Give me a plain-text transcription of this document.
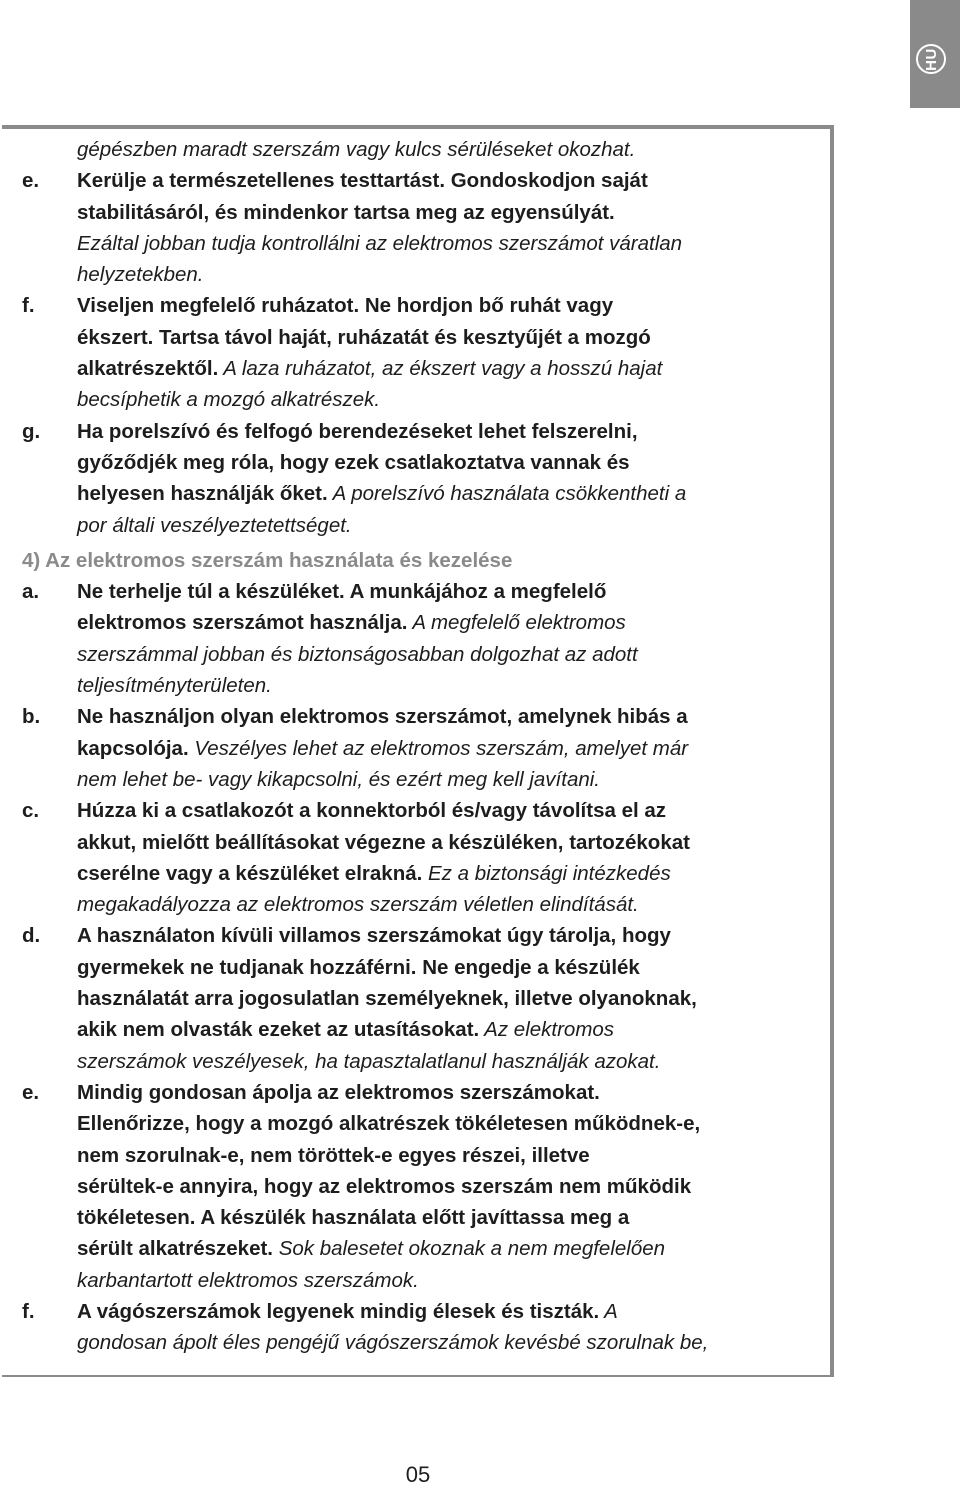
HU
gépészben maradt szerszám vagy kulcs sérüléseket okozhat.
e. Kerülje a természetellenes testtartást. Gondoskodjon saját
stabilitásáról, és mindenkor tartsa meg az egyensúlyát.
Ezáltal jobban tudja kontrollálni az elektromos szerszámot váratlan
helyzetekben.
f. Viseljen megfelelő ruházatot. Ne hordjon bő ruhát vagy
ékszert. Tartsa távol haját, ruházatát és kesztyűjét a mozgó
alkatrészektől. A laza ruházatot, az ékszert vagy a hosszú hajat
becsíphetik a mozgó alkatrészek.
g. Ha porelszívó és felfogó berendezéseket lehet felszerelni,
győződjék meg róla, hogy ezek csatlakoztatva vannak és
helyesen használják őket. A porelszívó használata csökkentheti a
por általi veszélyeztetettséget.
4) Az elektromos szerszám használata és kezelése
a. Ne terhelje túl a készüléket. A munkájához a megfelelő
elektromos szerszámot használja. A megfelelő elektromos
szerszámmal jobban és biztonságosabban dolgozhat az adott
teljesítményterületen.
b. Ne használjon olyan elektromos szerszámot, amelynek hibás a
kapcsolója. Veszélyes lehet az elektromos szerszám, amelyet már
nem lehet be- vagy kikapcsolni, és ezért meg kell javítani.
c. Húzza ki a csatlakozót a konnektorból és/vagy távolítsa el az
akkut, mielőtt beállításokat végezne a készüléken, tartozékokat
cserélne vagy a készüléket elrakná. Ez a biztonsági intézkedés
megakadályozza az elektromos szerszám véletlen elindítását.
d. A használaton kívüli villamos szerszámokat úgy tárolja, hogy
gyermekek ne tudjanak hozzáférni. Ne engedje a készülék
használatát arra jogosulatlan személyeknek, illetve olyanoknak,
akik nem olvasták ezeket az utasításokat. Az elektromos
szerszámok veszélyesek, ha tapasztalatlanul használják azokat.
e. Mindig gondosan ápolja az elektromos szerszámokat.
Ellenőrizze, hogy a mozgó alkatrészek tökéletesen működnek-e,
nem szorulnak-e, nem töröttek-e egyes részei, illetve
sérültek-e annyira, hogy az elektromos szerszám nem működik
tökéletesen. A készülék használata előtt javíttassa meg a
sérült alkatrészeket. Sok balesetet okoznak a nem megfelelően
karbantartott elektromos szerszámok.
f. A vágószerszámok legyenek mindig élesek és tiszták. A
gondosan ápolt éles pengéjű vágószerszámok kevésbé szorulnak be,
05
